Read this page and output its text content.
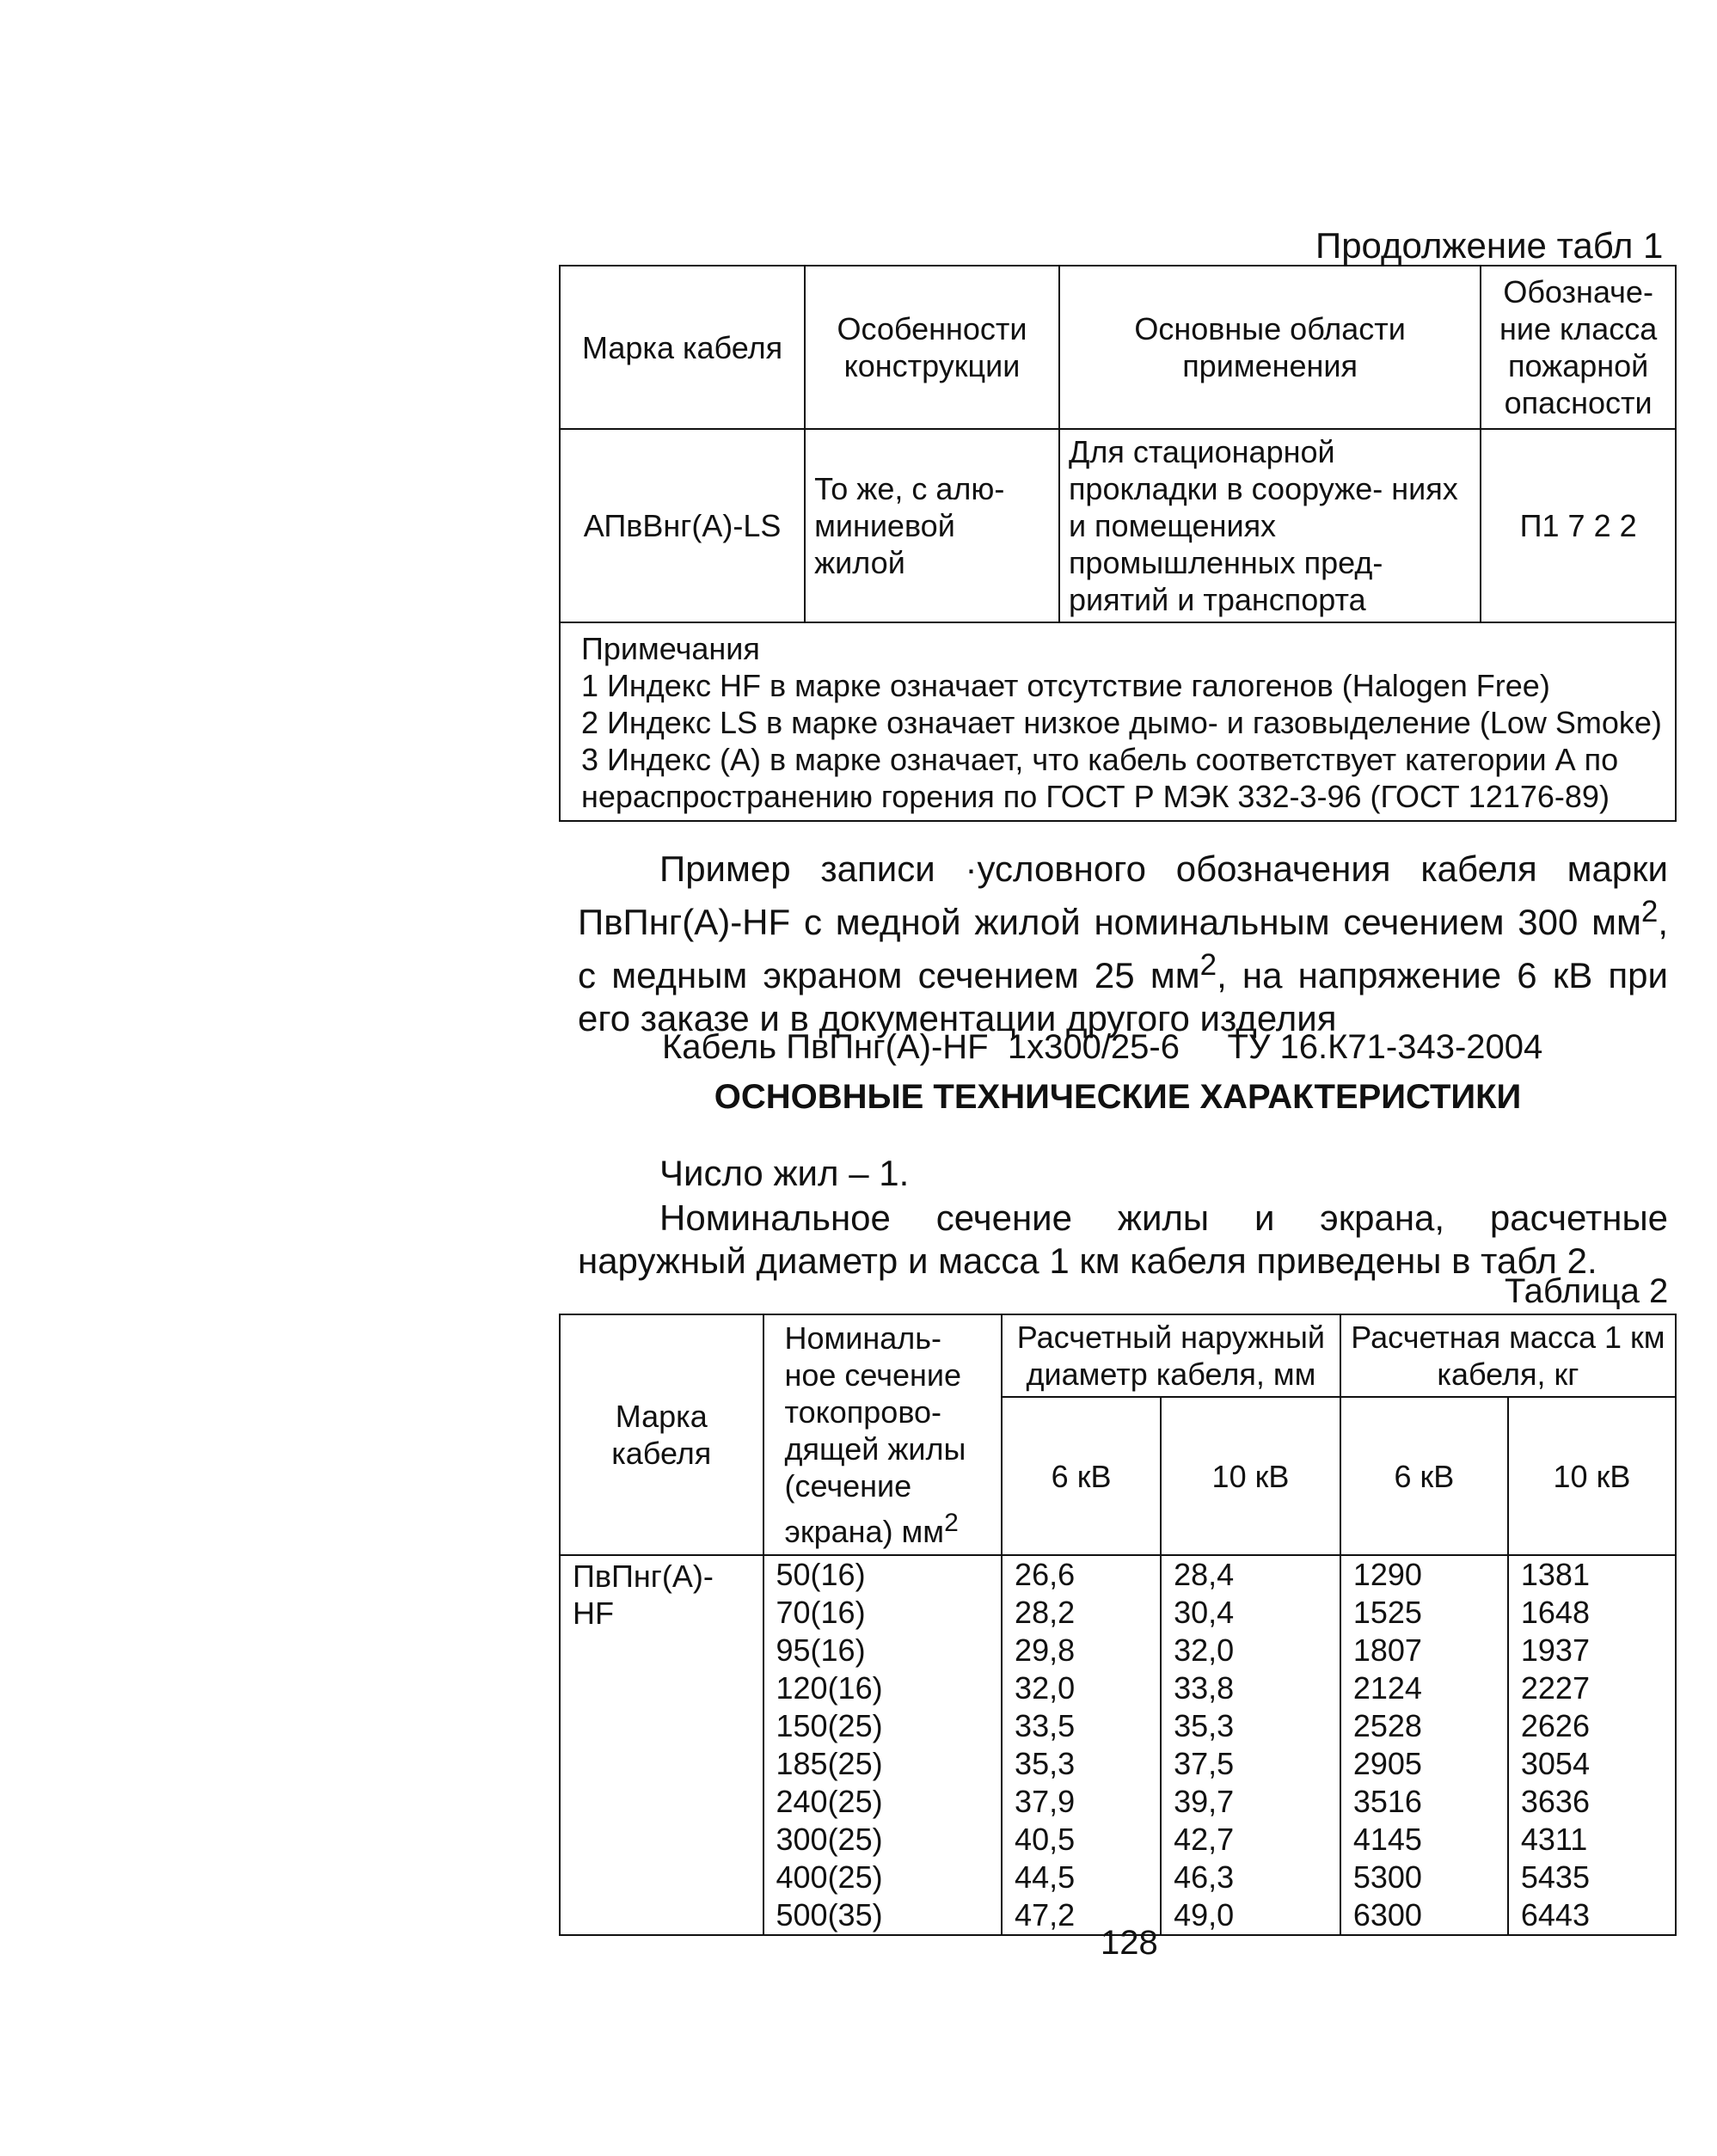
Продолжение табл 1
Марка кабеля	Особенности конструкции	Основные области применения	Обозначе- ние класса пожарной опасности
АПвВнг(А)-LS	То же, с алю- миниевой жилой	Для стационарной прокладки в сооруже- ниях и помещениях промышленных пред- риятий и транспорта	П1 7 2 2

Примечания
1 Индекс HF в марке означает отсутствие галогенов (Halogen Free)
2 Индекс LS в марке означает низкое дымо- и газовыделение (Low Smoke)
3 Индекс (А) в марке означает, что кабель соответствует категории А по нераспространению горения по ГОСТ Р МЭК 332-3-96 (ГОСТ 12176-89)			
Пример записи ·условного обозначения кабеля марки ПвПнг(А)-HF с медной жилой номинальным сечением 300 $мм^2$, с медным экраном сечением 25 $мм^2$, на напряжение 6 кВ при его заказе и в документации другого изделия
Кабель ПвПнг(А)-HF  1х300/25-6     ТУ 16.К71-343-2004
ОСНОВНЫЕ ТЕХНИЧЕСКИЕ ХАРАКТЕРИСТИКИ
Число жил – 1.
Номинальное сечение жилы и экрана, расчетные наружный диаметр и масса 1 км кабеля приведены в табл 2.
Таблица 2
Марка кабеля	Номиналь- ное сечение токопрово- дящей жилы (сечение экрана) $мм^2$	Расчетный наружный диаметр кабеля, мм		Расчетная масса 1 км кабеля, кг	
		6 кВ	10 кВ	6 кВ	10 кВ
ПвПнг(А)- HF	50(16)	26,6	28,4	1290	1381
	70(16)	28,2	30,4	1525	1648
	95(16)	29,8	32,0	1807	1937
	120(16)	32,0	33,8	2124	2227
	150(25)	33,5	35,3	2528	2626
	185(25)	35,3	37,5	2905	3054
	240(25)	37,9	39,7	3516	3636
	300(25)	40,5	42,7	4145	4311
	400(25)	44,5	46,3	5300	5435
	500(35)	47,2	49,0	6300	6443
128
